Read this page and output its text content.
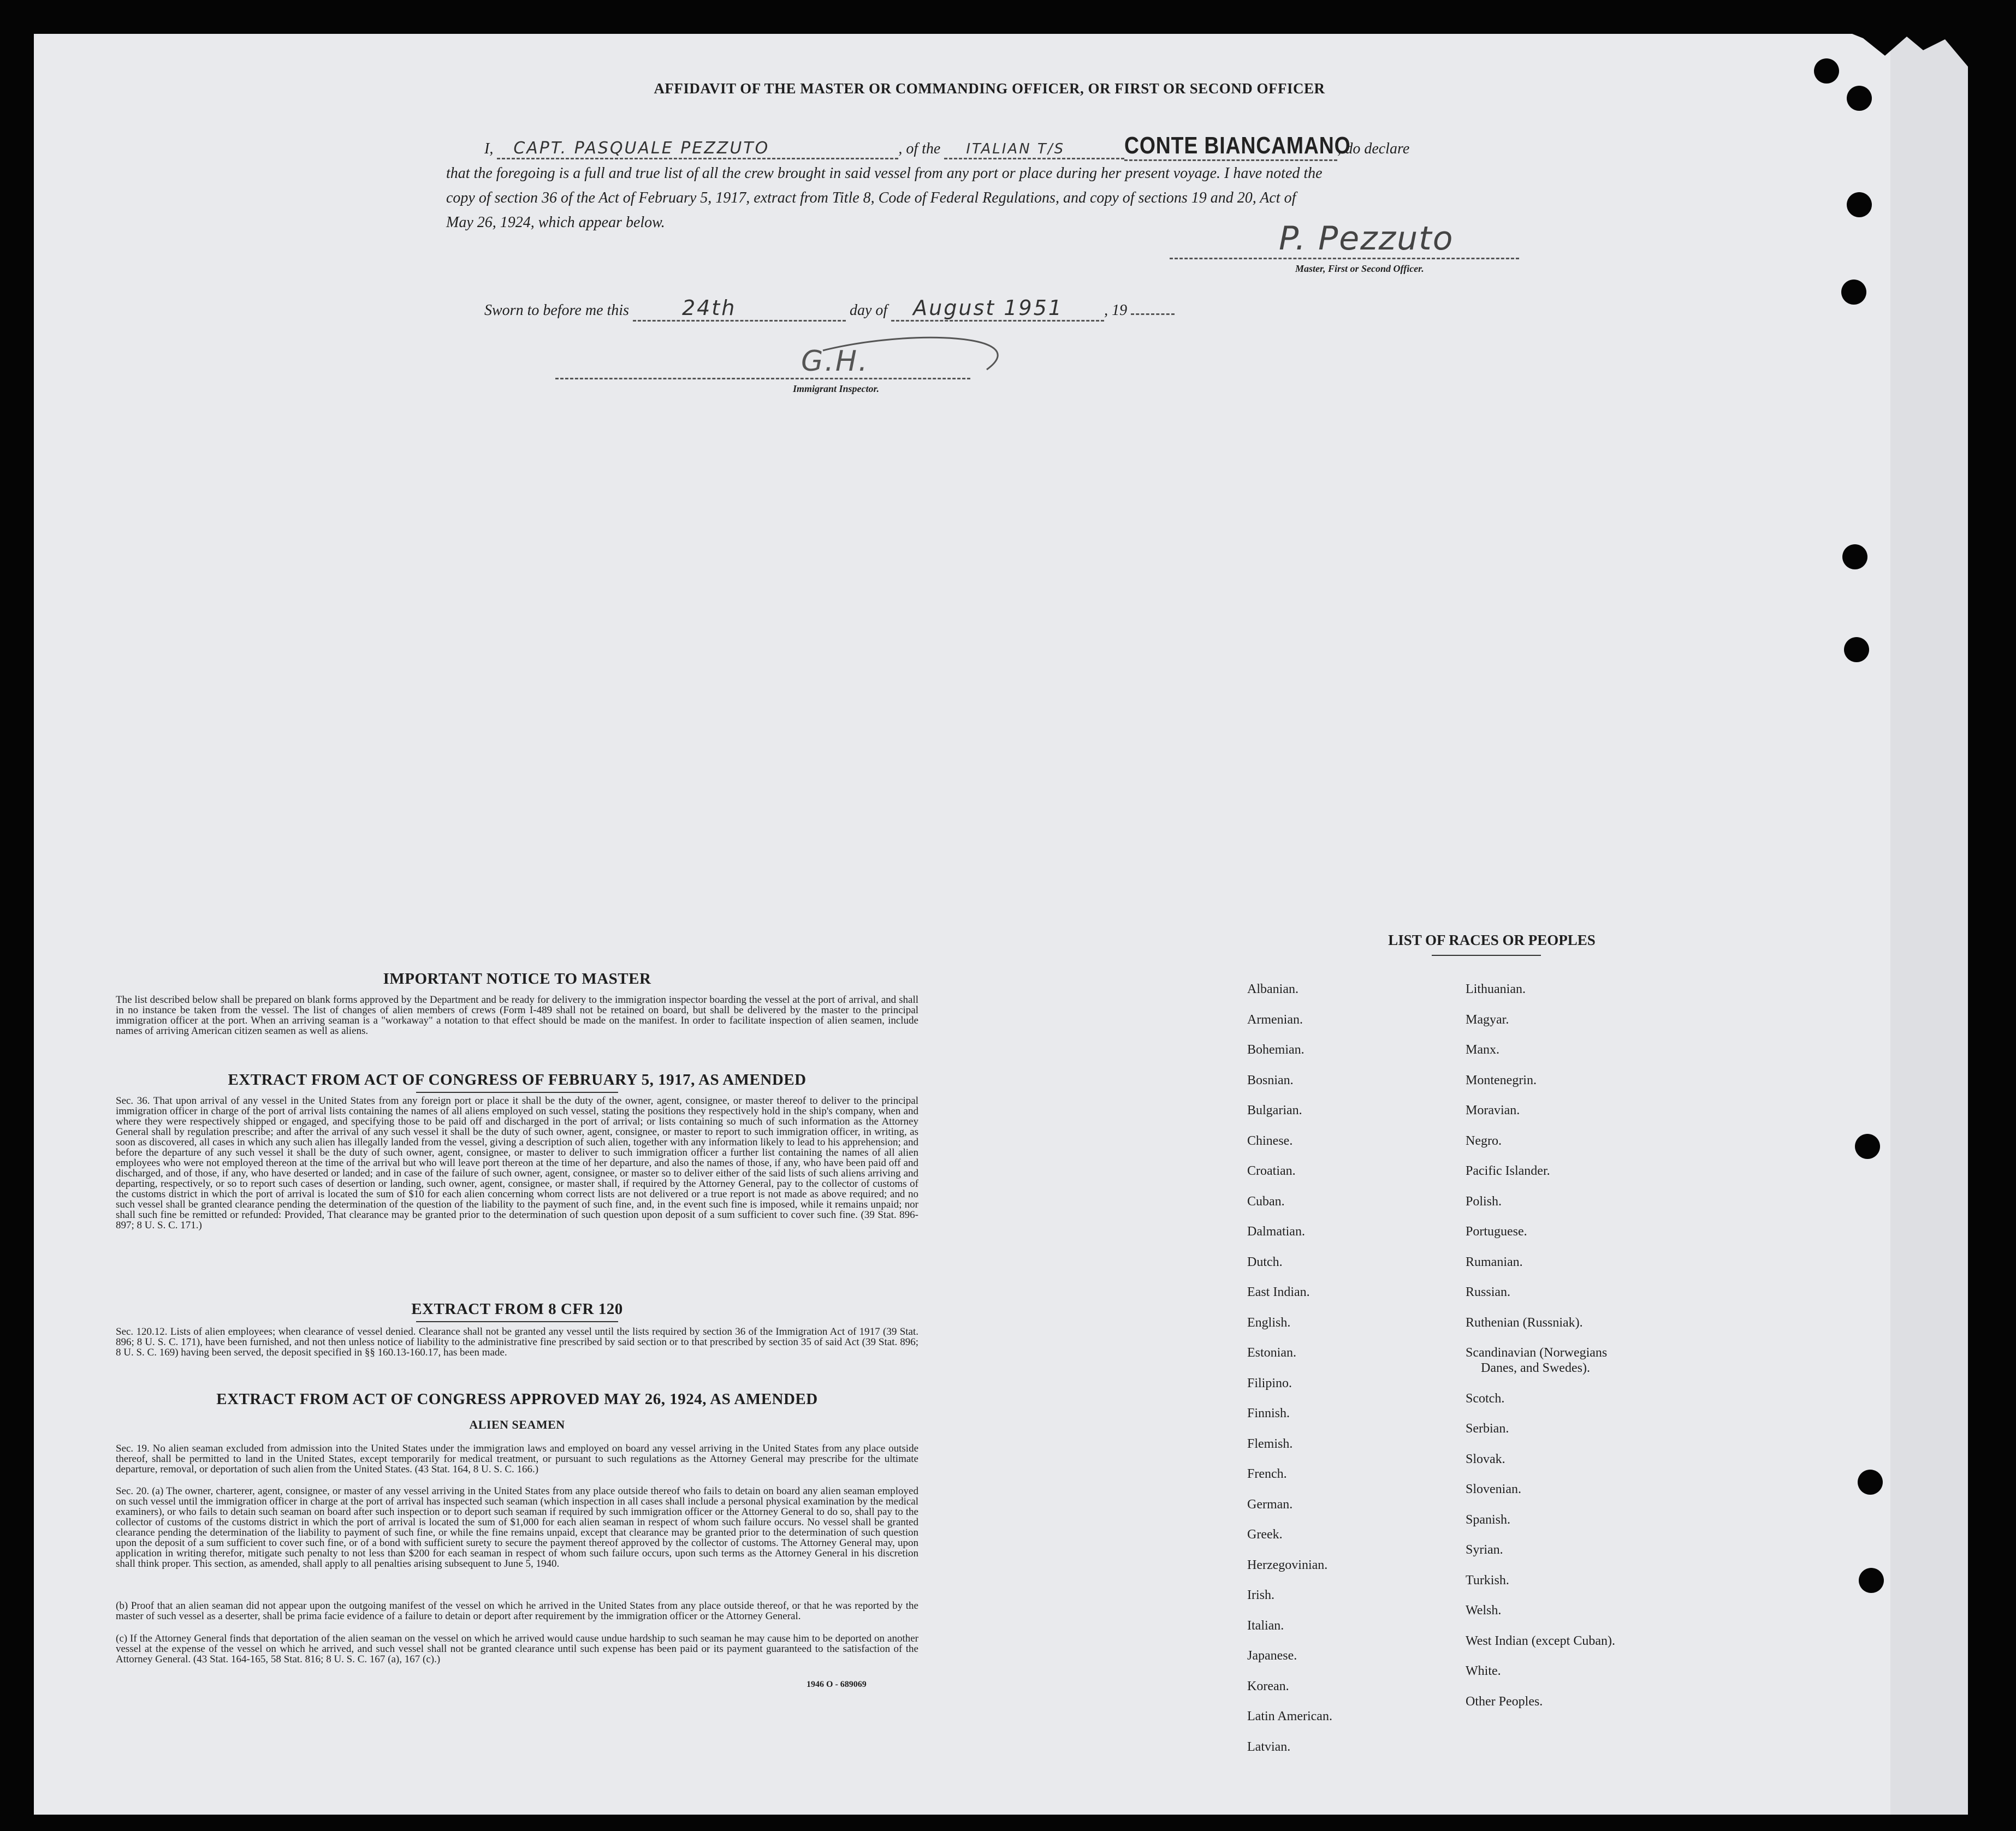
AFFIDAVIT OF THE MASTER OR COMMANDING OFFICER, OR FIRST OR SECOND OFFICER
I, CAPT. PASQUALE PEZZUTO	, of the ITALIAN T/S CONTE BIANCAMANO, do declare
that the foregoing is a full and true list of all the crew brought in said vessel from any port or place during her present voyage. I have noted the
copy of section 36 of the Act of February 5, 1917, extract from Title 8, Code of Federal Regulations, and copy of sections 19 and 20, Act of
May 26, 1924, which appear below.	P. Pezzuto
Master, First or Second Officer.
Sworn to before me this	24th	day of August 1951	, 19
G.H.
Immigrant Inspector.
IMPORTANT NOTICE TO MASTER
The list described below shall be prepared on blank forms approved by the Department and be ready for delivery to the immigration inspector boarding the vessel at the port of arrival, and shall in no instance be taken from the vessel. The list of changes of alien members of crews (Form I-489 shall not be retained on board, but shall be delivered by the master to the principal immigration officer at the port. When an arriving seaman is a "workaway" a notation to that effect should be made on the manifest. In order to facilitate inspection of alien seamen, include names of arriving American citizen seamen as well as aliens.
EXTRACT FROM ACT OF CONGRESS OF FEBRUARY 5, 1917, AS AMENDED
Sec. 36. That upon arrival of any vessel in the United States from any foreign port or place it shall be the duty of the owner, agent, consignee, or master thereof to deliver to the principal immigration officer in charge of the port of arrival lists containing the names of all aliens employed on such vessel, stating the positions they respectively hold in the ship's company, when and where they were respectively shipped or engaged, and specifying those to be paid off and discharged in the port of arrival; or lists containing so much of such information as the Attorney General shall by regulation prescribe; and after the arrival of any such vessel it shall be the duty of such owner, agent, consignee, or master to report to such immigration officer, in writing, as soon as discovered, all cases in which any such alien has illegally landed from the vessel, giving a description of such alien, together with any information likely to lead to his apprehension; and before the departure of any such vessel it shall be the duty of such owner, agent, consignee, or master to deliver to such immigration officer a further list containing the names of all alien employees who were not employed thereon at the time of the arrival but who will leave port thereon at the time of her departure, and also the names of those, if any, who have been paid off and discharged, and of those, if any, who have deserted or landed; and in case of the failure of such owner, agent, consignee, or master so to deliver either of the said lists of such aliens arriving and departing, respectively, or so to report such cases of desertion or landing, such owner, agent, consignee, or master shall, if required by the Attorney General, pay to the collector of customs of the customs district in which the port of arrival is located the sum of $10 for each alien concerning whom correct lists are not delivered or a true report is not made as above required; and no such vessel shall be granted clearance pending the determination of the question of the liability to the payment of such fine, and, in the event such fine is imposed, while it remains unpaid; nor shall such fine be remitted or refunded: Provided, That clearance may be granted prior to the determination of such question upon deposit of a sum sufficient to cover such fine. (39 Stat. 896-897; 8 U. S. C. 171.)
EXTRACT FROM 8 CFR 120
Sec. 120.12. Lists of alien employees; when clearance of vessel denied. Clearance shall not be granted any vessel until the lists required by section 36 of the Immigration Act of 1917 (39 Stat. 896; 8 U. S. C. 171), have been furnished, and not then unless notice of liability to the administrative fine prescribed by said section or to that prescribed by section 35 of said Act (39 Stat. 896; 8 U. S. C. 169) having been served, the deposit specified in §§ 160.13-160.17, has been made.
EXTRACT FROM ACT OF CONGRESS APPROVED MAY 26, 1924, AS AMENDED
ALIEN SEAMEN
Sec. 19. No alien seaman excluded from admission into the United States under the immigration laws and employed on board any vessel arriving in the United States from any place outside thereof, shall be permitted to land in the United States, except temporarily for medical treatment, or pursuant to such regulations as the Attorney General may prescribe for the ultimate departure, removal, or deportation of such alien from the United States. (43 Stat. 164, 8 U. S. C. 166.)
Sec. 20. (a) The owner, charterer, agent, consignee, or master of any vessel arriving in the United States from any place outside thereof who fails to detain on board any alien seaman employed on such vessel until the immigration officer in charge at the port of arrival has inspected such seaman (which inspection in all cases shall include a personal physical examination by the medical examiners), or who fails to detain such seaman on board after such inspection or to deport such seaman if required by such immigration officer or the Attorney General to do so, shall pay to the collector of customs of the customs district in which the port of arrival is located the sum of $1,000 for each alien seaman in respect of whom such failure occurs. No vessel shall be granted clearance pending the determination of the liability to payment of such fine, or while the fine remains unpaid, except that clearance may be granted prior to the determination of such question upon the deposit of a sum sufficient to cover such fine, or of a bond with sufficient surety to secure the payment thereof approved by the collector of customs. The Attorney General may, upon application in writing therefor, mitigate such penalty to not less than $200 for each seaman in respect of whom such failure occurs, upon such terms as the Attorney General in his discretion shall think proper. This section, as amended, shall apply to all penalties arising subsequent to June 5, 1940.
(b) Proof that an alien seaman did not appear upon the outgoing manifest of the vessel on which he arrived in the United States from any place outside thereof, or that he was reported by the master of such vessel as a deserter, shall be prima facie evidence of a failure to detain or deport after requirement by the immigration officer or the Attorney General.
(c) If the Attorney General finds that deportation of the alien seaman on the vessel on which he arrived would cause undue hardship to such seaman he may cause him to be deported on another vessel at the expense of the vessel on which he arrived, and such vessel shall not be granted clearance until such expense has been paid or its payment guaranteed to the satisfaction of the Attorney General. (43 Stat. 164-165, 58 Stat. 816; 8 U. S. C. 167 (a), 167 (c).)
1946 O - 689069
LIST OF RACES OR PEOPLES
Albanian.
Armenian.
Bohemian.
Bosnian.
Bulgarian.
Chinese.
Croatian.
Cuban.
Dalmatian.
Dutch.
East Indian.
English.
Estonian.
Filipino.
Finnish.
Flemish.
French.
German.
Greek.
Herzegovinian.
Irish.
Italian.
Japanese.
Korean.
Latin American.
Latvian.
Lithuanian.
Magyar.
Manx.
Montenegrin.
Moravian.
Negro.
Pacific Islander.
Polish.
Portuguese.
Rumanian.
Russian.
Ruthenian (Russniak).
Scandinavian (Norwegians
Danes, and Swedes).
Scotch.
Serbian.
Slovak.
Slovenian.
Spanish.
Syrian.
Turkish.
Welsh.
West Indian (except Cuban).
White.
Other Peoples.
